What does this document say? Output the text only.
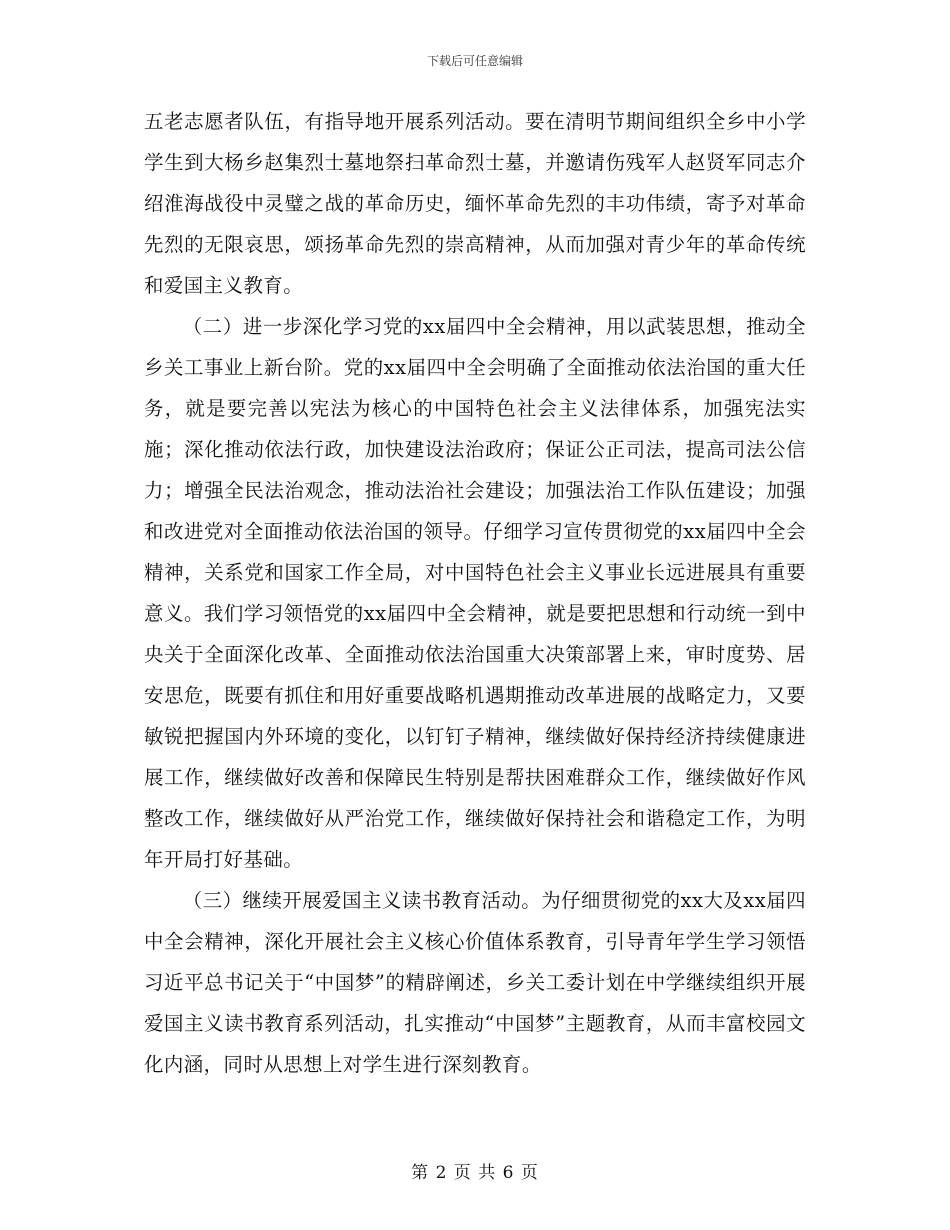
下载后可任意编辑

五老志愿者队伍，有指导地开展系列活动。要在清明节期间组织全乡中小学学生到大杨乡赵集烈士墓地祭扫革命烈士墓，并邀请伤残军人赵贤军同志介绍淮海战役中灵璧之战的革命历史，缅怀革命先烈的丰功伟绩，寄予对革命先烈的无限哀思，颂扬革命先烈的崇高精神，从而加强对青少年的革命传统和爱国主义教育。

（二）进一步深化学习党的xx届四中全会精神，用以武装思想，推动全乡关工事业上新台阶。党的xx届四中全会明确了全面推动依法治国的重大任务，就是要完善以宪法为核心的中国特色社会主义法律体系，加强宪法实施；深化推动依法行政，加快建设法治政府；保证公正司法，提高司法公信力；增强全民法治观念，推动法治社会建设；加强法治工作队伍建设；加强和改进党对全面推动依法治国的领导。仔细学习宣传贯彻党的xx届四中全会精神，关系党和国家工作全局，对中国特色社会主义事业长远进展具有重要意义。我们学习领悟党的xx届四中全会精神，就是要把思想和行动统一到中央关于全面深化改革、全面推动依法治国重大决策部署上来，审时度势、居安思危，既要有抓住和用好重要战略机遇期推动改革进展的战略定力，又要敏锐把握国内外环境的变化，以钉钉子精神，继续做好保持经济持续健康进展工作，继续做好改善和保障民生特别是帮扶困难群众工作，继续做好作风整改工作，继续做好从严治党工作，继续做好保持社会和谐稳定工作，为明年开局打好基础。

（三）继续开展爱国主义读书教育活动。为仔细贯彻党的xx大及xx届四中全会精神，深化开展社会主义核心价值体系教育，引导青年学生学习领悟习近平总书记关于“中国梦”的精辟阐述，乡关工委计划在中学继续组织开展爱国主义读书教育系列活动，扎实推动“中国梦”主题教育，从而丰富校园文化内涵，同时从思想上对学生进行深刻教育。

第 2 页 共 6 页
